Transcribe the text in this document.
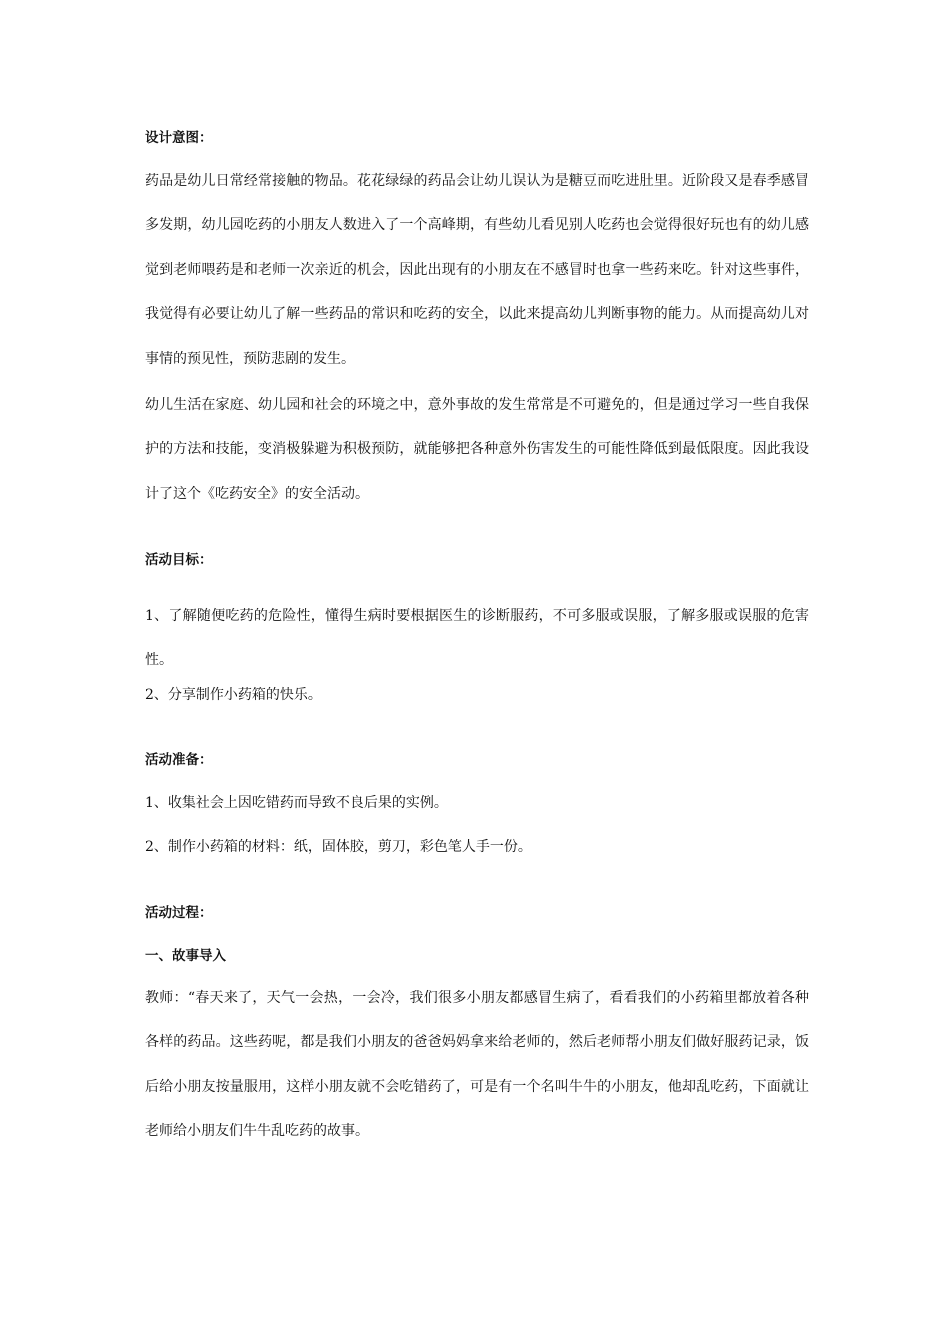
设计意图：
药品是幼儿日常经常接触的物品。花花绿绿的药品会让幼儿误认为是糖豆而吃进肚里。近阶段又是春季感冒多发期，幼儿园吃药的小朋友人数进入了一个高峰期，有些幼儿看见别人吃药也会觉得很好玩也有的幼儿感觉到老师喂药是和老师一次亲近的机会，因此出现有的小朋友在不感冒时也拿一些药来吃。针对这些事件，我觉得有必要让幼儿了解一些药品的常识和吃药的安全，以此来提高幼儿判断事物的能力。从而提高幼儿对事情的预见性，预防悲剧的发生。
幼儿生活在家庭、幼儿园和社会的环境之中，意外事故的发生常常是不可避免的，但是通过学习一些自我保护的方法和技能，变消极躲避为积极预防，就能够把各种意外伤害发生的可能性降低到最低限度。因此我设计了这个《吃药安全》的安全活动。
活动目标：
1、了解随便吃药的危险性，懂得生病时要根据医生的诊断服药，不可多服或误服，了解多服或误服的危害性。
2、分享制作小药箱的快乐。
活动准备：
1、收集社会上因吃错药而导致不良后果的实例。
2、制作小药箱的材料：纸，固体胶，剪刀，彩色笔人手一份。
活动过程：
一、故事导入
教师：“春天来了，天气一会热，一会冷，我们很多小朋友都感冒生病了，看看我们的小药箱里都放着各种各样的药品。这些药呢，都是我们小朋友的爸爸妈妈拿来给老师的，然后老师帮小朋友们做好服药记录，饭后给小朋友按量服用，这样小朋友就不会吃错药了，可是有一个名叫牛牛的小朋友，他却乱吃药，下面就让老师给小朋友们牛牛乱吃药的故事。
